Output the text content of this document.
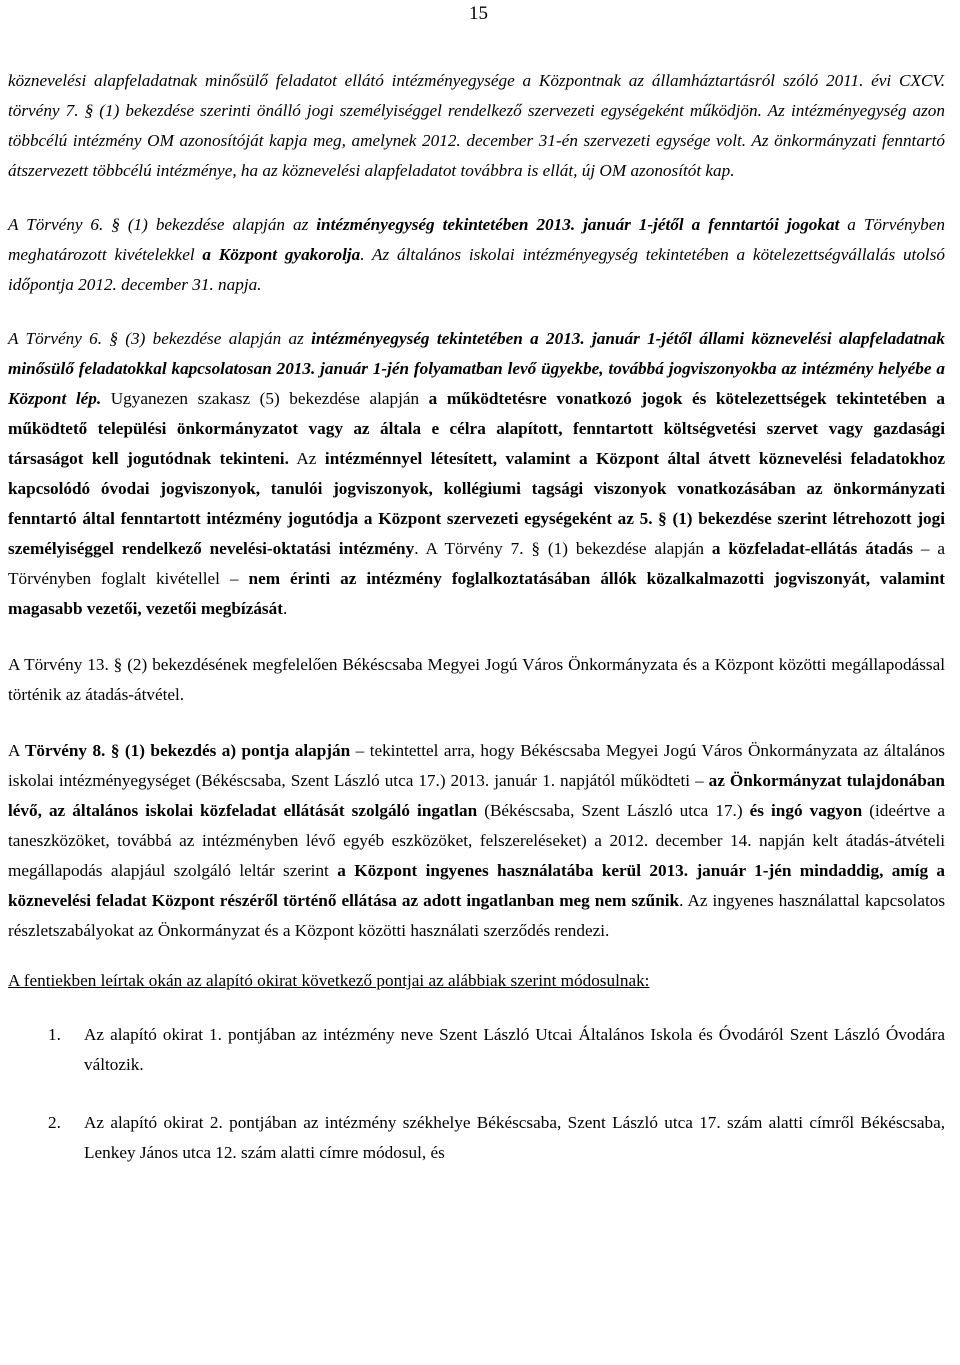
15

köznevelési alapfeladatnak minősülő feladatot ellátó intézményegysége a Központnak az államháztartásról szóló 2011. évi CXCV. törvény 7. § (1) bekezdése szerinti önálló jogi személyiséggel rendelkező szervezeti egységeként működjön. Az intézményegység azon többcélú intézmény OM azonosítóját kapja meg, amelynek 2012. december 31-én szervezeti egysége volt. Az önkormányzati fenntartó átszervezett többcélú intézménye, ha az köznevelési alapfeladatot továbbra is ellát, új OM azonosítót kap.

A Törvény 6. § (1) bekezdése alapján az intézményegység tekintetében 2013. január 1-jétől a fenntartói jogokat a Törvényben meghatározott kivételekkel a Központ gyakorolja. Az általános iskolai intézményegység tekintetében a kötelezettségvállalás utolsó időpontja 2012. december 31. napja.

A Törvény 6. § (3) bekezdése alapján az intézményegység tekintetében a 2013. január 1-jétől állami köznevelési alapfeladatnak minősülő feladatokkal kapcsolatosan 2013. január 1-jén folyamatban levő ügyekbe, továbbá jogviszonyokba az intézmény helyébe a Központ lép. Ugyanezen szakasz (5) bekezdése alapján a működtetésre vonatkozó jogok és kötelezettségek tekintetében a működtető települési önkormányzatot vagy az általa e célra alapított, fenntartott költségvetési szervet vagy gazdasági társaságot kell jogutódnak tekinteni. Az intézménnyel létesített, valamint a Központ által átvett köznevelési feladatokhoz kapcsolódó óvodai jogviszonyok, tanulói jogviszonyok, kollégiumi tagsági viszonyok vonatkozásában az önkormányzati fenntartó által fenntartott intézmény jogutódja a Központ szervezeti egységeként az 5. § (1) bekezdése szerint létrehozott jogi személyiséggel rendelkező nevelési-oktatási intézmény. A Törvény 7. § (1) bekezdése alapján a közfeladat-ellátás átadás – a Törvényben foglalt kivétellel – nem érinti az intézmény foglalkoztatásában állók közalkalmazotti jogviszonyát, valamint magasabb vezetői, vezetői megbízását.

A Törvény 13. § (2) bekezdésének megfelelően Békéscsaba Megyei Jogú Város Önkormányzata és a Központ közötti megállapodással történik az átadás-átvétel.

A Törvény 8. § (1) bekezdés a) pontja alapján – tekintettel arra, hogy Békéscsaba Megyei Jogú Város Önkormányzata az általános iskolai intézményegységet (Békéscsaba, Szent László utca 17.) 2013. január 1. napjától működteti – az Önkormányzat tulajdonában lévő, az általános iskolai közfeladat ellátását szolgáló ingatlan (Békéscsaba, Szent László utca 17.) és ingó vagyon (ideértve a taneszközöket, továbbá az intézményben lévő egyéb eszközöket, felszereléseket) a 2012. december 14. napján kelt átadás-átvételi megállapodás alapjául szolgáló leltár szerint a Központ ingyenes használatába kerül 2013. január 1-jén mindaddig, amíg a köznevelési feladat Központ részéről történő ellátása az adott ingatlanban meg nem szűnik. Az ingyenes használattal kapcsolatos részletszabályokat az Önkormányzat és a Központ közötti használati szerződés rendezi.

A fentiekben leírtak okán az alapító okirat következő pontjai az alábbiak szerint módosulnak:

1. Az alapító okirat 1. pontjában az intézmény neve Szent László Utcai Általános Iskola és Óvodáról Szent László Óvodára változik.
2. Az alapító okirat 2. pontjában az intézmény székhelye Békéscsaba, Szent László utca 17. szám alatti címről Békéscsaba, Lenkey János utca 12. szám alatti címre módosul, és
